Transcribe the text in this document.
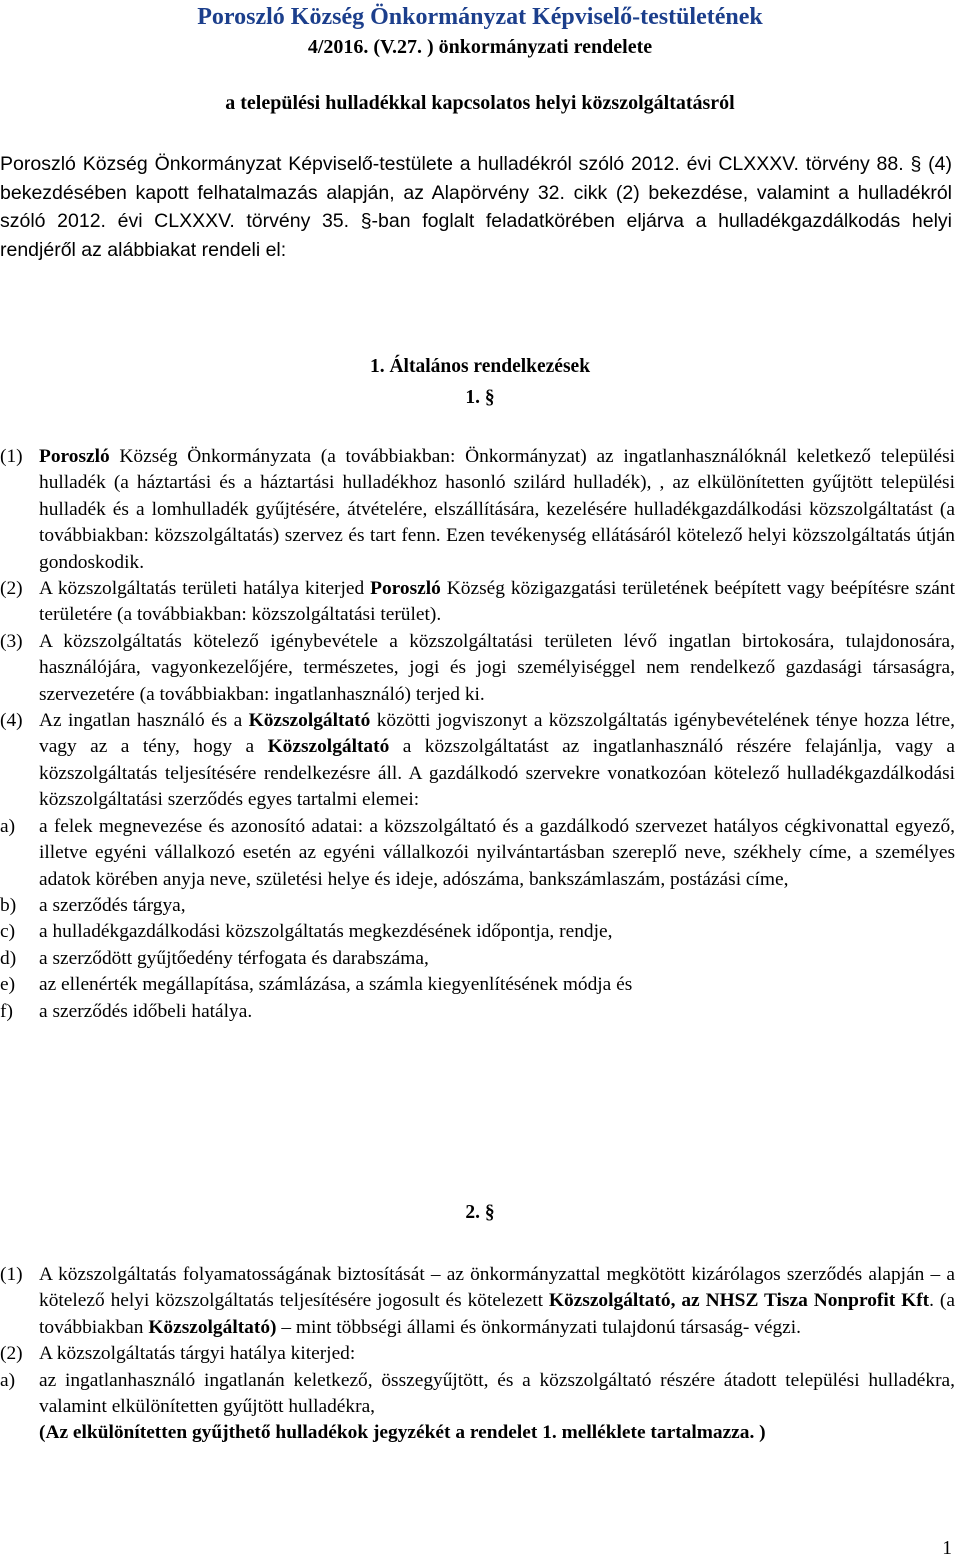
Poroszló Község Önkormányzat Képviselő-testületének
4/2016. (V.27. ) önkormányzati rendelete
a települési hulladékkal kapcsolatos helyi közszolgáltatásról
Poroszló Község Önkormányzat Képviselő-testülete a hulladékról szóló 2012. évi CLXXXV. törvény 88. § (4) bekezdésében kapott felhatalmazás alapján, az Alapörvény 32. cikk (2) bekezdése, valamint a hulladékról szóló 2012. évi CLXXXV. törvény 35. §-ban foglalt feladatkörében eljárva a hulladékgazdálkodás helyi rendjéről az alábbiakat rendeli el:
1. Általános rendelkezések
1. §
(1) Poroszló Község Önkormányzata (a továbbiakban: Önkormányzat) az ingatlanhasználóknál keletkező települési hulladék (a háztartási és a háztartási hulladékhoz hasonló szilárd hulladék), , az elkülönítetten gyűjtött települési hulladék és a lomhulladék gyűjtésére, átvételére, elszállítására, kezelésére hulladékgazdálkodási közszolgáltatást (a továbbiakban: közszolgáltatás) szervez és tart fenn. Ezen tevékenység ellátásáról kötelező helyi közszolgáltatás útján gondoskodik.
(2) A közszolgáltatás területi hatálya kiterjed Poroszló Község közigazgatási területének beépített vagy beépítésre szánt területére (a továbbiakban: közszolgáltatási terület).
(3) A közszolgáltatás kötelező igénybevétele a közszolgáltatási területen lévő ingatlan birtokosára, tulajdonosára, használójára, vagyonkezelőjére, természetes, jogi és jogi személyiséggel nem rendelkező gazdasági társaságra, szervezetére (a továbbiakban: ingatlanhasználó) terjed ki.
(4) Az ingatlan használó és a Közszolgáltató közötti jogviszonyt a közszolgáltatás igénybevételének ténye hozza létre, vagy az a tény, hogy a Közszolgáltató a közszolgáltatást az ingatlanhasználó részére felajánlja, vagy a közszolgáltatás teljesítésére rendelkezésre áll. A gazdálkodó szervekre vonatkozóan kötelező hulladékgazdálkodási közszolgáltatási szerződés egyes tartalmi elemei:
a) a felek megnevezése és azonosító adatai: a közszolgáltató és a gazdálkodó szervezet hatályos cégkivonattal egyező, illetve egyéni vállalkozó esetén az egyéni vállalkozói nyilvántartásban szereplő neve, székhely címe, a személyes adatok körében anyja neve, születési helye és ideje, adószáma, bankszámlaszám, postázási címe,
b) a szerződés tárgya,
c) a hulladékgazdálkodási közszolgáltatás megkezdésének időpontja, rendje,
d) a szerződött gyűjtőedény térfogata és darabszáma,
e) az ellenérték megállapítása, számlázása, a számla kiegyenlítésének módja és
f) a szerződés időbeli hatálya.
2. §
(1) A közszolgáltatás folyamatosságának biztosítását – az önkormányzattal megkötött kizárólagos szerződés alapján – a kötelező helyi közszolgáltatás teljesítésére jogosult és kötelezett Közszolgáltató, az NHSZ Tisza Nonprofit Kft. (a továbbiakban Közszolgáltató) – mint többségi állami és önkormányzati tulajdonú társaság- végzi.
(2) A közszolgáltatás tárgyi hatálya kiterjed:
a) az ingatlanhasználó ingatlanán keletkező, összegyűjtött, és a közszolgáltató részére átadott települési hulladékra, valamint elkülönítetten gyűjtött hulladékra,
(Az elkülönítetten gyűjthető hulladékok jegyzékét a rendelet 1. melléklete tartalmazza. )
1
